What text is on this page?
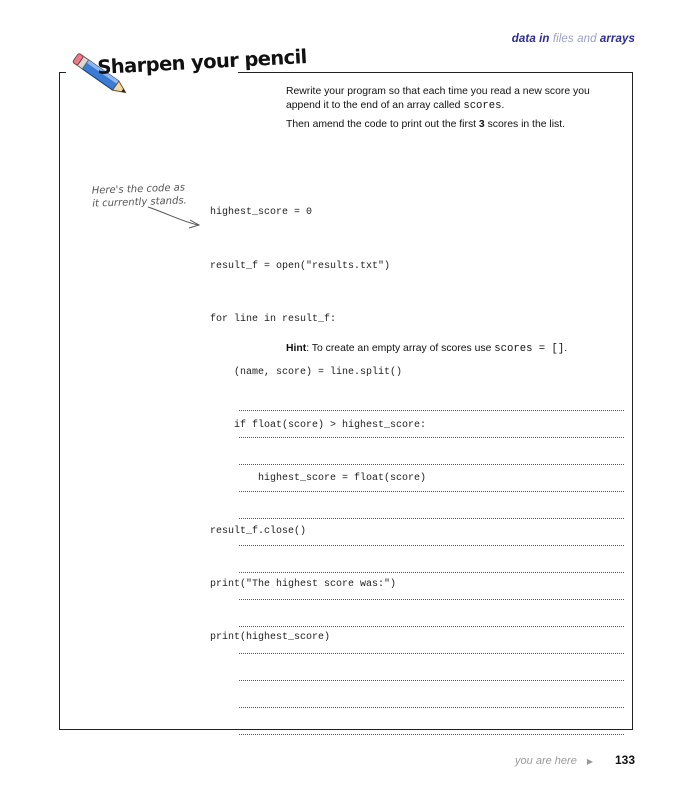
data in files and arrays
Sharpen your pencil
Rewrite your program so that each time you read a new score you append it to the end of an array called scores.
Then amend the code to print out the first 3 scores in the list.
Here's the code as
it currently stands.

highest_score = 0

result_f = open("results.txt")

for line in result_f:

(name, score) = line.split()

if float(score) > highest_score:

highest_score = float(score)

result_f.close()

print("The highest score was:")

print(highest_score)

Hint: To create an empty array of scores use scores = [].
you are here ▶ 133
